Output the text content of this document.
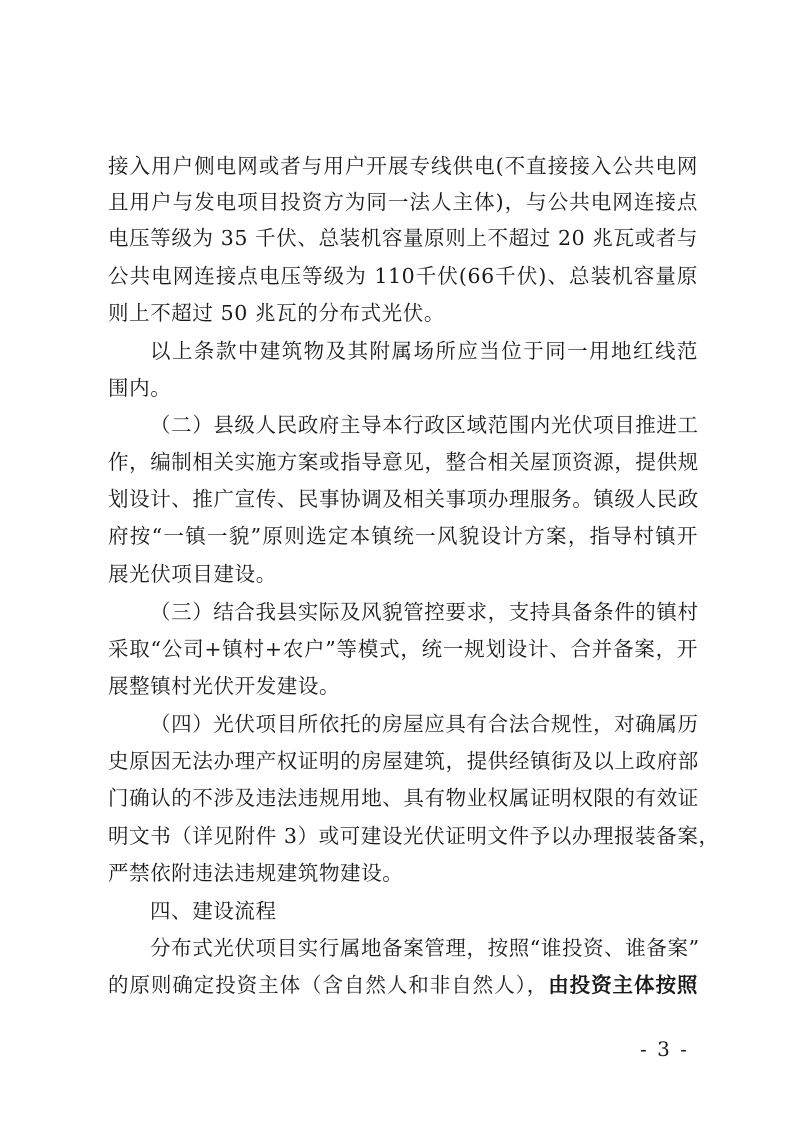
接入用户侧电网或者与用户开展专线供电(不直接接入公共电网
且用户与发电项目投资方为同一法人主体)，与公共电网连接点
电压等级为 35 千伏、总装机容量原则上不超过 20 兆瓦或者与
公共电网连接点电压等级为 110千伏(66千伏)、总装机容量原
则上不超过 50 兆瓦的分布式光伏。
以上条款中建筑物及其附属场所应当位于同一用地红线范
围内。
（二）县级人民政府主导本行政区域范围内光伏项目推进工
作，编制相关实施方案或指导意见，整合相关屋顶资源，提供规
划设计、推广宣传、民事协调及相关事项办理服务。镇级人民政
府按“一镇一貌”原则选定本镇统一风貌设计方案，指导村镇开
展光伏项目建设。
（三）结合我县实际及风貌管控要求，支持具备条件的镇村
采取“公司+镇村+农户”等模式，统一规划设计、合并备案，开
展整镇村光伏开发建设。
（四）光伏项目所依托的房屋应具有合法合规性，对确属历
史原因无法办理产权证明的房屋建筑，提供经镇街及以上政府部
门确认的不涉及违法违规用地、具有物业权属证明权限的有效证
明文书（详见附件 3）或可建设光伏证明文件予以办理报装备案，
严禁依附违法违规建筑物建设。
四、建设流程
分布式光伏项目实行属地备案管理，按照“谁投资、谁备案”
的原则确定投资主体（含自然人和非自然人），由投资主体按照
- 3 -
